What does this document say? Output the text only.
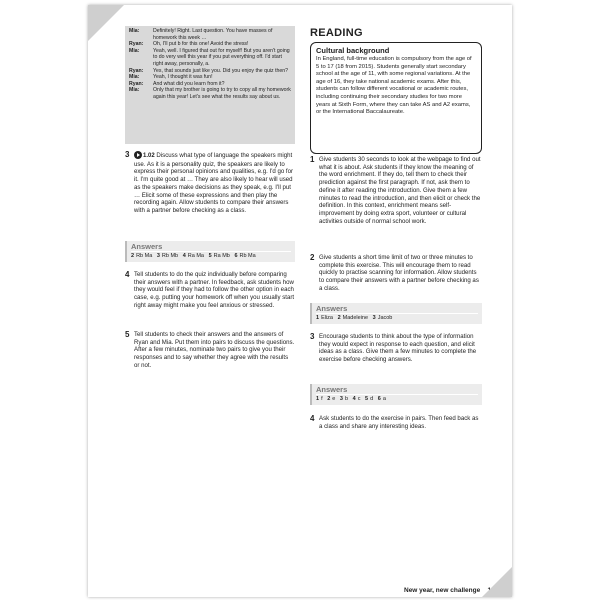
Mia:	Definitely! Right. Last question. You have masses of homework this week …
Ryan:	Oh, I'll put b for this one! Avoid the stress!
Mia:	Yeah, well. I figured that out for myself! But you aren't going to do very well this year if you put everything off. I'd start right away, personally, a.
Ryan:	Yes, that sounds just like you. Did you enjoy the quiz then?
Mia:	Yeah, I thought it was fun!
Ryan:	And what did you learn from it?
Mia:	Only that my brother is going to try to copy all my homework again this year! Let's see what the results say about us.
3	1.02 Discuss what type of language the speakers might use. As it is a personality quiz, the speakers are likely to express their personal opinions and qualities, e.g. I'd go for it. I'm quite good at … They are also likely to hear will used as the speakers make decisions as they speak, e.g. I'll put … Elicit some of these expressions and then play the recording again. Allow students to compare their answers with a partner before checking as a class.
Answers
2 Rb Ma 3 Rb Mb 4 Ra Ma 5 Ra Mb 6 Rb Ma
4 Tell students to do the quiz individually before comparing their answers with a partner. In feedback, ask students how they would feel if they had to follow the other option in each case, e.g. putting your homework off when you usually start right away might make you feel anxious or stressed.
5 Tell students to check their answers and the answers of Ryan and Mia. Put them into pairs to discuss the questions. After a few minutes, nominate two pairs to give you their responses and to say whether they agree with the results or not.
READING
Cultural background
In England, full-time education is compulsory from the age of 5 to 17 (18 from 2015). Students generally start secondary school at the age of 11, with some regional variations. At the age of 16, they take national academic exams. After this, students can follow different vocational or academic routes, including continuing their secondary studies for two more years at Sixth Form, where they can take AS and A2 exams, or the International Baccalaureate.
1 Give students 30 seconds to look at the webpage to find out what it is about. Ask students if they know the meaning of the word enrichment. If they do, tell them to check their prediction against the first paragraph. If not, ask them to define it after reading the introduction. Give them a few minutes to read the introduction, and then elicit or check the definition. In this context, enrichment means self-improvement by doing extra sport, volunteer or cultural activities outside of normal school work.
2 Give students a short time limit of two or three minutes to complete this exercise. This will encourage them to read quickly to practise scanning for information. Allow students to compare their answers with a partner before checking as a class.
Answers
1 Eliza 2 Madeleine 3 Jacob
3 Encourage students to think about the type of information they would expect in response to each question, and elicit ideas as a class. Give them a few minutes to complete the exercise before checking answers.
Answers
1 f 2 e 3 b 4 c 5 d 6 a
4 Ask students to do the exercise in pairs. Then feed back as a class and share any interesting ideas.
New year, new challenge 15
